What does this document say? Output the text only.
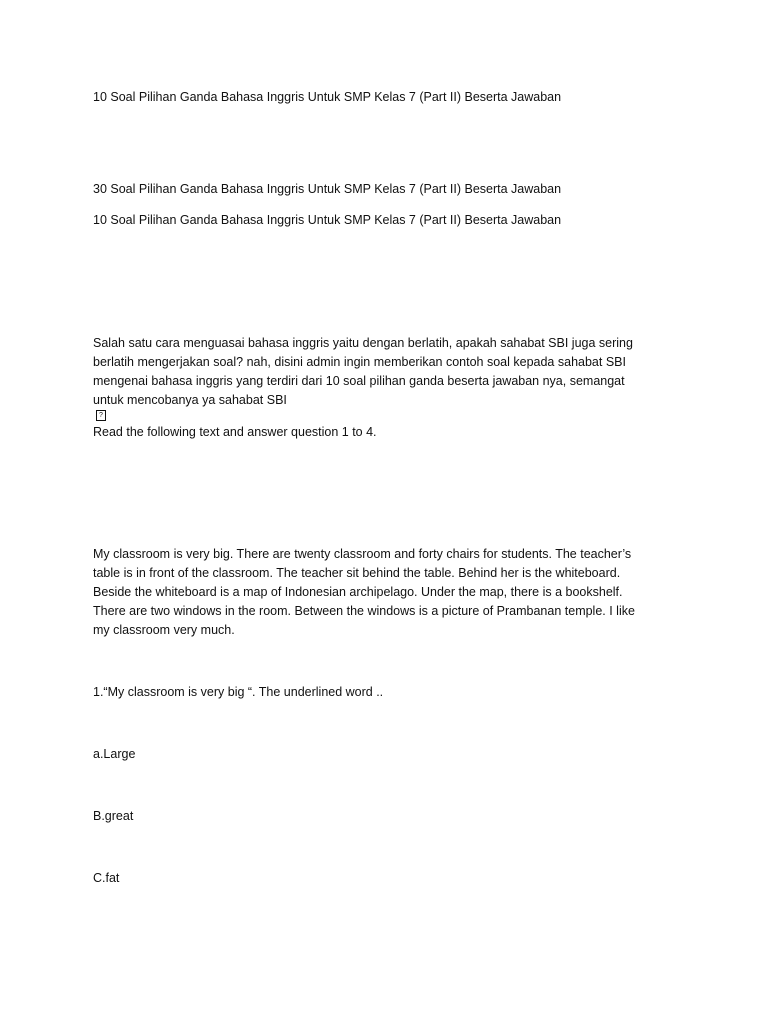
10 Soal Pilihan Ganda Bahasa Inggris Untuk SMP Kelas 7 (Part II) Beserta Jawaban

30 Soal Pilihan Ganda Bahasa Inggris Untuk SMP Kelas 7 (Part II) Beserta Jawaban

10 Soal Pilihan Ganda Bahasa Inggris Untuk SMP Kelas 7 (Part II) Beserta Jawaban

Salah satu cara menguasai bahasa inggris yaitu dengan berlatih, apakah sahabat SBI juga sering
berlatih mengerjakan soal? nah, disini admin ingin memberikan contoh soal kepada sahabat SBI
mengenai bahasa inggris yang terdiri dari 10 soal pilihan ganda beserta jawaban nya, semangat
untuk mencobanya ya sahabat SBI
?

Read the following text and answer question 1 to 4.

My classroom is very big. There are twenty classroom and forty chairs for students. The teacher’s
table is in front of the classroom. The teacher sit behind the table. Behind her is the whiteboard.
Beside the whiteboard is a map of Indonesian archipelago. Under the map, there is a bookshelf.
There are two windows in the room. Between the windows is a picture of Prambanan temple. I like
my classroom very much.

1.“My classroom is very big “. The underlined word ..

a.Large

B.great

C.fat
